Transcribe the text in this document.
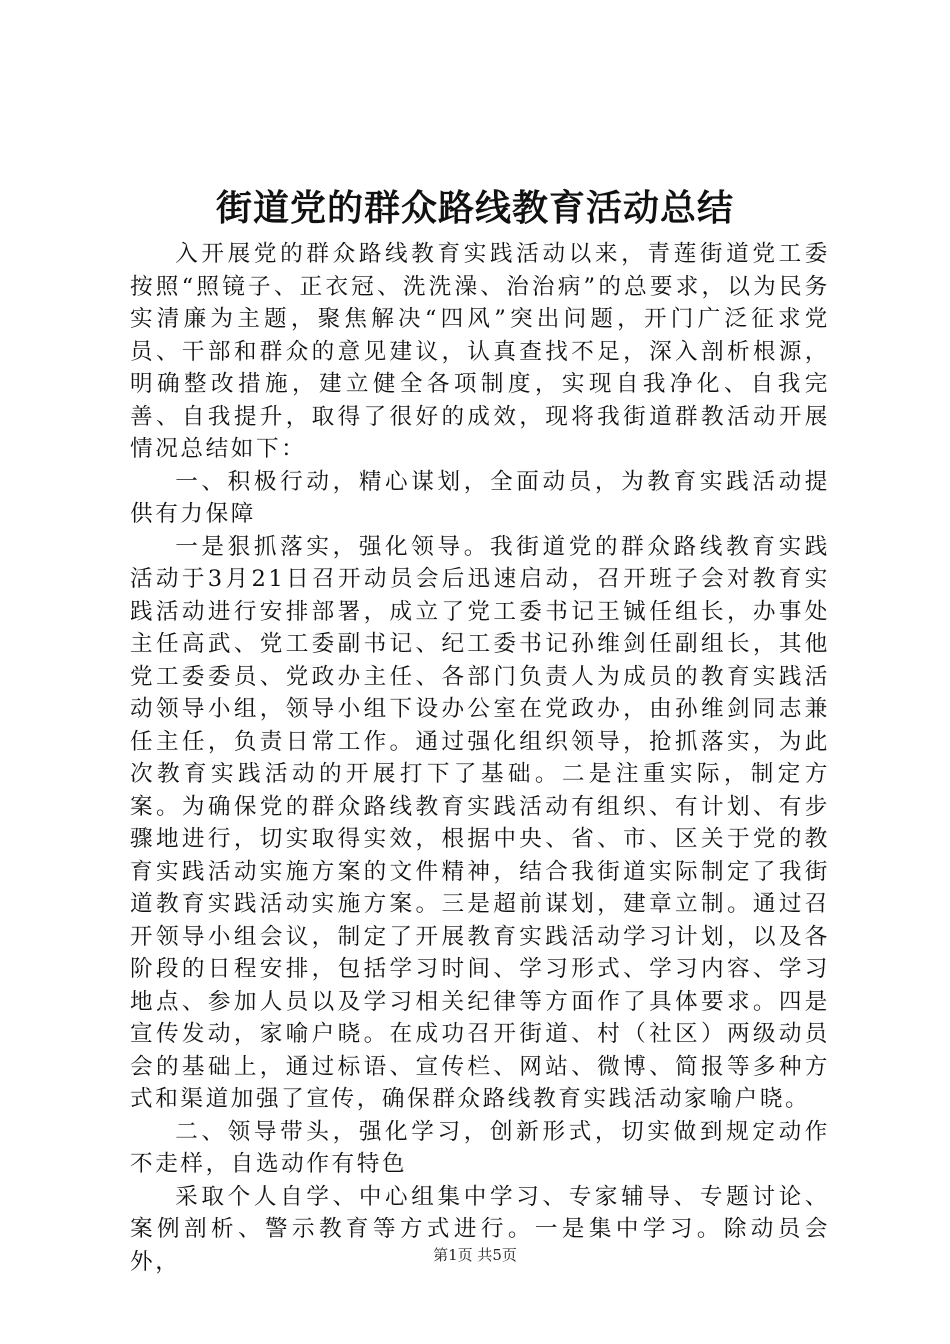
街道党的群众路线教育活动总结

入开展党的群众路线教育实践活动以来，青莲街道党工委按照“照镜子、正衣冠、洗洗澡、治治病”的总要求，以为民务实清廉为主题，聚焦解决“四风”突出问题，开门广泛征求党员、干部和群众的意见建议，认真查找不足，深入剖析根源，明确整改措施，建立健全各项制度，实现自我净化、自我完善、自我提升，取得了很好的成效，现将我街道群教活动开展情况总结如下：

一、积极行动，精心谋划，全面动员，为教育实践活动提供有力保障

一是狠抓落实，强化领导。我街道党的群众路线教育实践活动于3月21日召开动员会后迅速启动，召开班子会对教育实践活动进行安排部署，成立了党工委书记王铖任组长，办事处主任高武、党工委副书记、纪工委书记孙维剑任副组长，其他党工委委员、党政办主任、各部门负责人为成员的教育实践活动领导小组，领导小组下设办公室在党政办，由孙维剑同志兼任主任，负责日常工作。通过强化组织领导，抢抓落实，为此次教育实践活动的开展打下了基础。二是注重实际，制定方案。为确保党的群众路线教育实践活动有组织、有计划、有步骤地进行，切实取得实效，根据中央、省、市、区关于党的教育实践活动实施方案的文件精神，结合我街道实际制定了我街道教育实践活动实施方案。三是超前谋划，建章立制。通过召开领导小组会议，制定了开展教育实践活动学习计划，以及各阶段的日程安排，包括学习时间、学习形式、学习内容、学习地点、参加人员以及学习相关纪律等方面作了具体要求。四是宣传发动，家喻户晓。在成功召开街道、村（社区）两级动员会的基础上，通过标语、宣传栏、网站、微博、简报等多种方式和渠道加强了宣传，确保群众路线教育实践活动家喻户晓。

二、领导带头，强化学习，创新形式，切实做到规定动作不走样，自选动作有特色

采取个人自学、中心组集中学习、专家辅导、专题讨论、案例剖析、警示教育等方式进行。一是集中学习。除动员会外，	第1页 共5页
